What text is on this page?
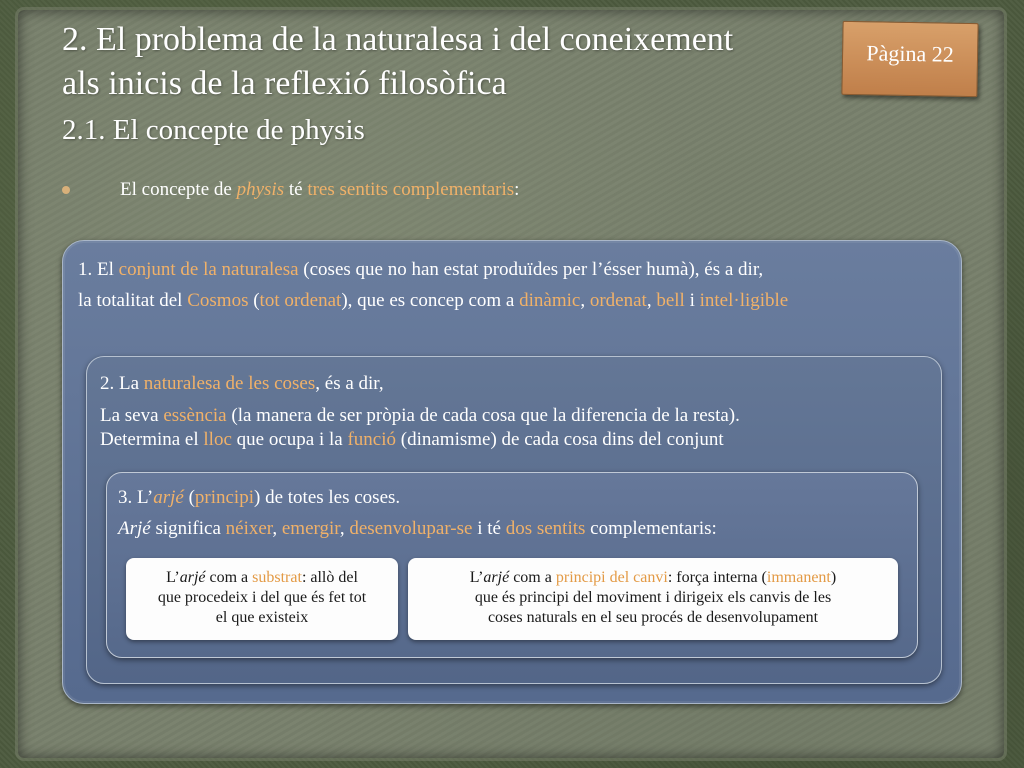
2. El problema de la naturalesa i del coneixement
als inicis de la reflexió filosòfica
2.1. El concepte de physis
Pàgina 22
El concepte de physis té tres sentits complementaris:
1. El conjunt de la naturalesa (coses que no han estat produïdes per l’ésser humà), és a dir,
la totalitat del Cosmos (tot ordenat), que es concep com a dinàmic, ordenat, bell i intel·ligible
2. La naturalesa de les coses, és a dir,
La seva essència (la manera de ser pròpia de cada cosa que la diferencia de la resta).
Determina el lloc que ocupa i la funció (dinamisme) de cada cosa dins del conjunt
3. L’arjé (principi) de totes les coses.
Arjé significa néixer, emergir, desenvolupar-se i té dos sentits complementaris:
L’arjé com a substrat: allò del
que procedeix i del que és fet tot
el que existeix
L’arjé com a principi del canvi: força interna (immanent)
que és principi del moviment i dirigeix els canvis de les
coses naturals en el seu procés de desenvolupament
